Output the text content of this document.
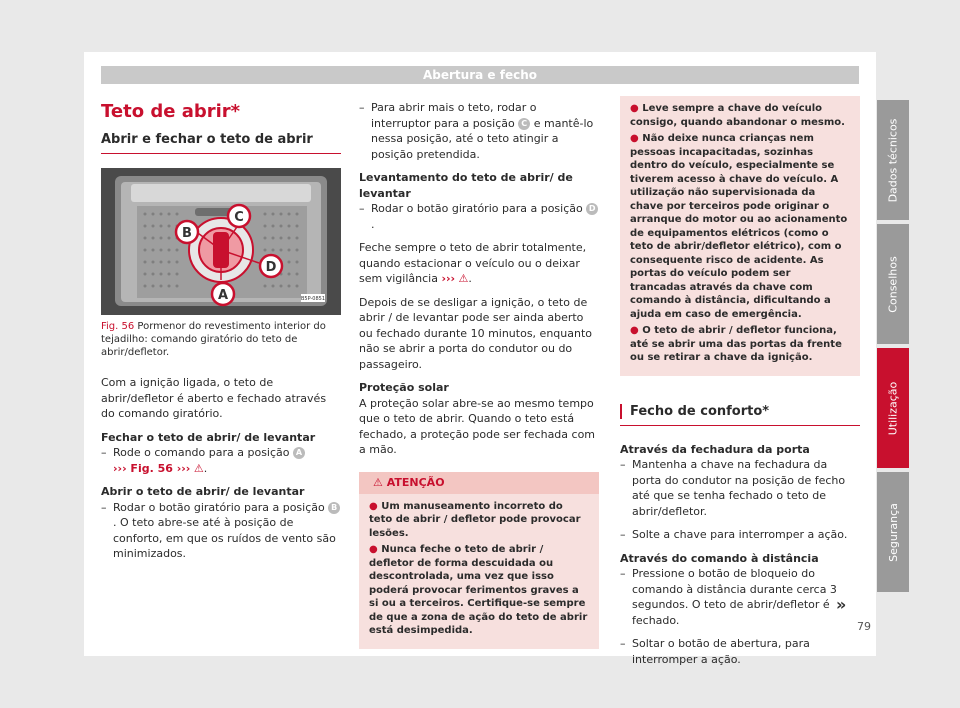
Abertura e fecho
Teto de abrir*
Abrir e fechar o teto de abrir
B5P-0851
C
B
D
A
Fig. 56 Pormenor do revestimento interior do tejadilho: comando giratório do teto de abrir/defletor.

Com a ignição ligada, o teto de abrir/defletor é aberto e fechado através do comando giratório.

Fechar o teto de abrir/ de levantar
– Rode o comando para a posição A
››› Fig. 56 ››› ⚠.
Abrir o teto de abrir/ de levantar
– Rodar o botão giratório para a posição B. O teto abre-se até à posição de conforto, em que os ruídos de vento são minimizados.
– Para abrir mais o teto, rodar o interruptor para a posição C e mantê-lo nessa posição, até o teto atingir a posição pretendida.
Levantamento do teto de abrir/ de levantar
– Rodar o botão giratório para a posição D.

Feche sempre o teto de abrir totalmente, quando estacionar o veículo ou o deixar sem vigilância ››› ⚠.

Depois de se desligar a ignição, o teto de abrir / de levantar pode ser ainda aberto ou fechado durante 10 minutos, enquanto não se abrir a porta do condutor ou do passageiro.

Proteção solar

A proteção solar abre-se ao mesmo tempo que o teto de abrir. Quando o teto está fechado, a proteção pode ser fechada com a mão.

⚠ ATENÇÃO
● Um manuseamento incorreto do teto de abrir / defletor pode provocar lesões.
● Nunca feche o teto de abrir / defletor de forma descuidada ou descontrolada, uma vez que isso poderá provocar ferimentos graves a si ou a terceiros. Certifique-se sempre de que a zona de ação do teto de abrir está desimpedida.
● Leve sempre a chave do veículo consigo, quando abandonar o mesmo.
● Não deixe nunca crianças nem pessoas incapacitadas, sozinhas dentro do veículo, especialmente se tiverem acesso à chave do veículo. A utilização não supervisionada da chave por terceiros pode originar o arranque do motor ou ao acionamento de equipamentos elétricos (como o teto de abrir/defletor elétrico), com o consequente risco de acidente. As portas do veículo podem ser trancadas através da chave com comando à distância, dificultando a ajuda em caso de emergência.
● O teto de abrir / defletor funciona, até se abrir uma das portas da frente ou se retirar a chave da ignição.
Fecho de conforto*
Através da fechadura da porta
– Mantenha a chave na fechadura da porta do condutor na posição de fecho até que se tenha fechado o teto de abrir/defletor.
– Solte a chave para interromper a ação.
Através do comando à distância
– Pressione o botão de bloqueio do comando à distância durante cerca 3 segundos. O teto de abrir/defletor é fechado.
– Soltar o botão de abertura, para interromper a ação.
»
79
Dados técnicos
Conselhos
Utilização
Segurança
